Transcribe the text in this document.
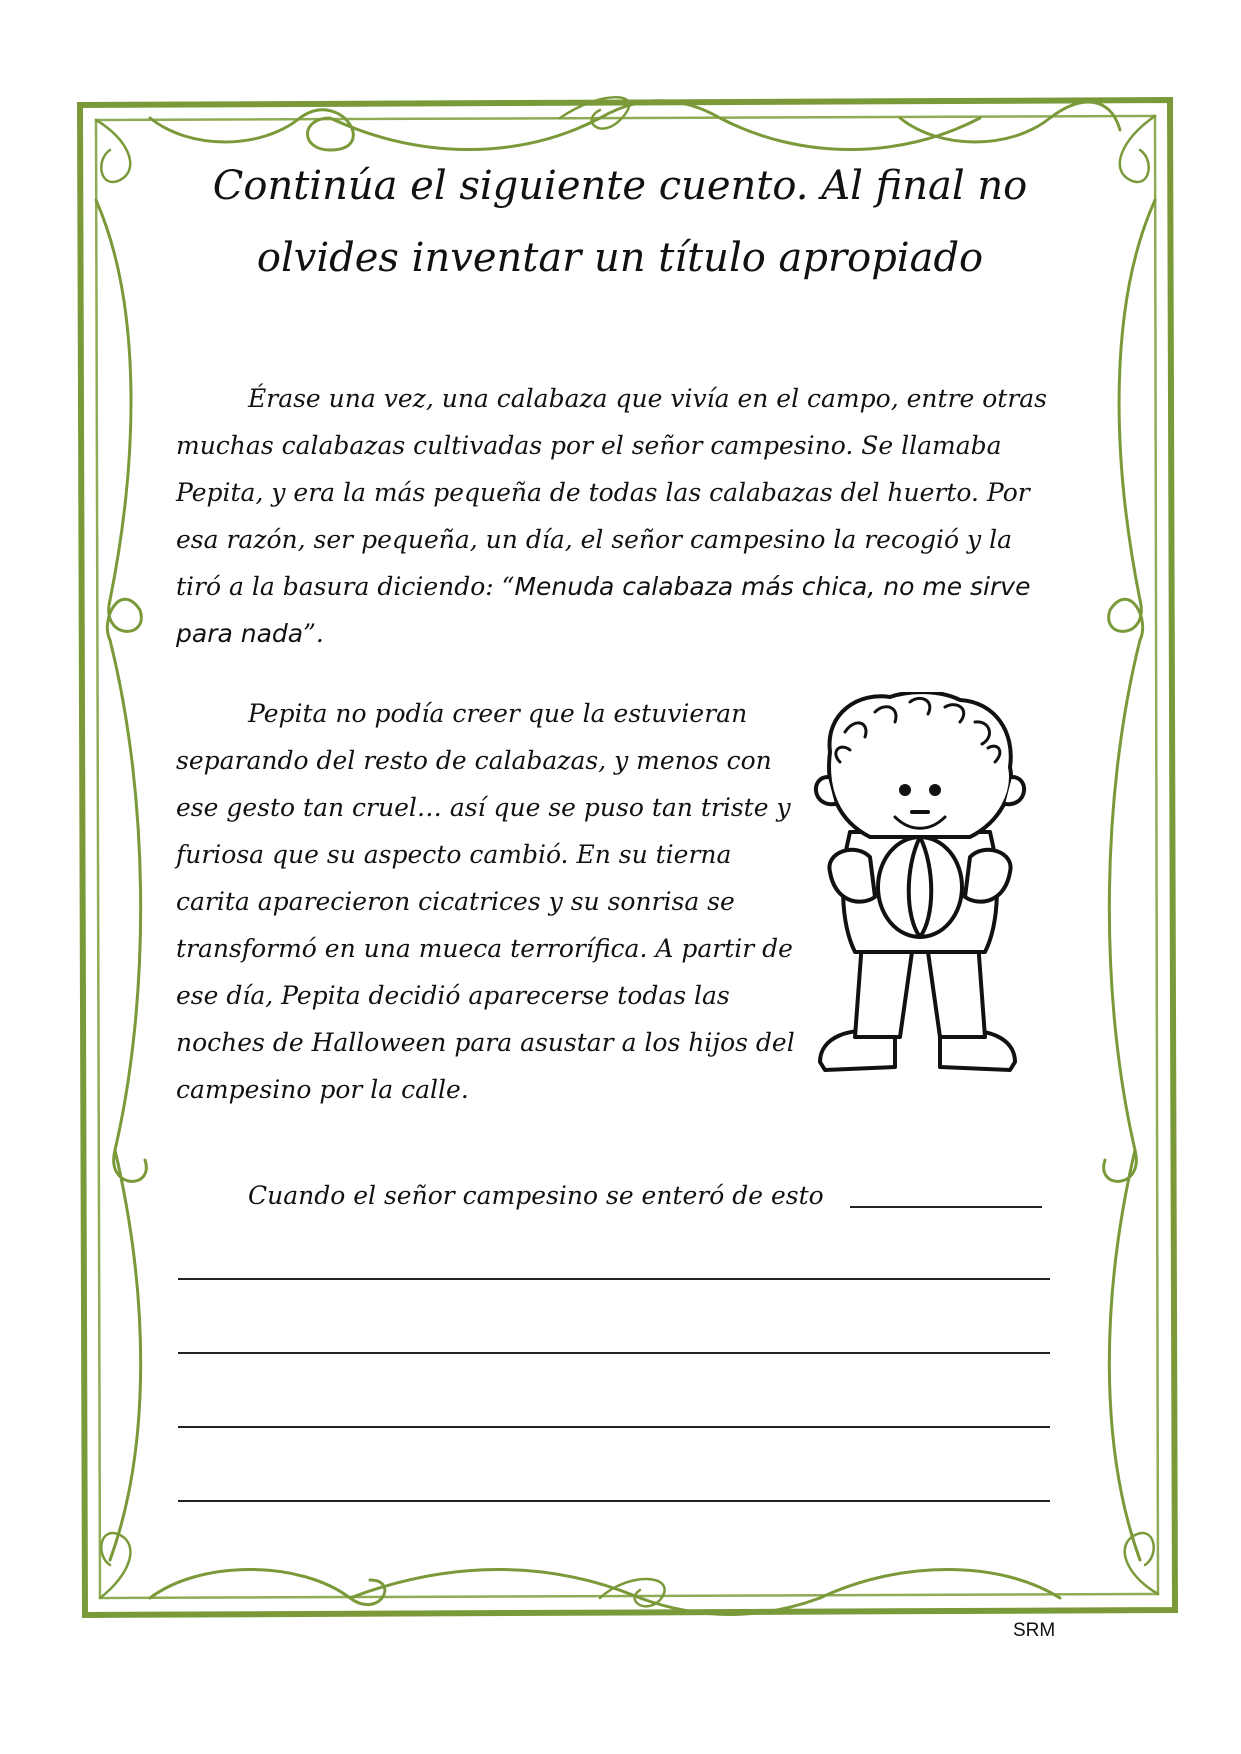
Continúa el siguiente cuento. Al final no
olvides inventar un título apropiado
Érase una vez, una calabaza que vivía en el campo, entre otras muchas calabazas cultivadas por el señor campesino. Se llamaba Pepita, y era la más pequeña de todas las calabazas del huerto. Por esa razón, ser pequeña, un día, el señor campesino la recogió y la tiró a la basura diciendo: “Menuda calabaza más chica, no me sirve para nada”.
Pepita no podía creer que la estuvieran separando del resto de calabazas, y menos con ese gesto tan cruel… así que se puso tan triste y furiosa que su aspecto cambió. En su tierna carita aparecieron cicatrices y su sonrisa se transformó en una mueca terrorífica. A partir de ese día, Pepita decidió aparecerse todas las noches de Halloween para asustar a los hijos del campesino por la calle.
Cuando el señor campesino se enteró de esto
SRM
